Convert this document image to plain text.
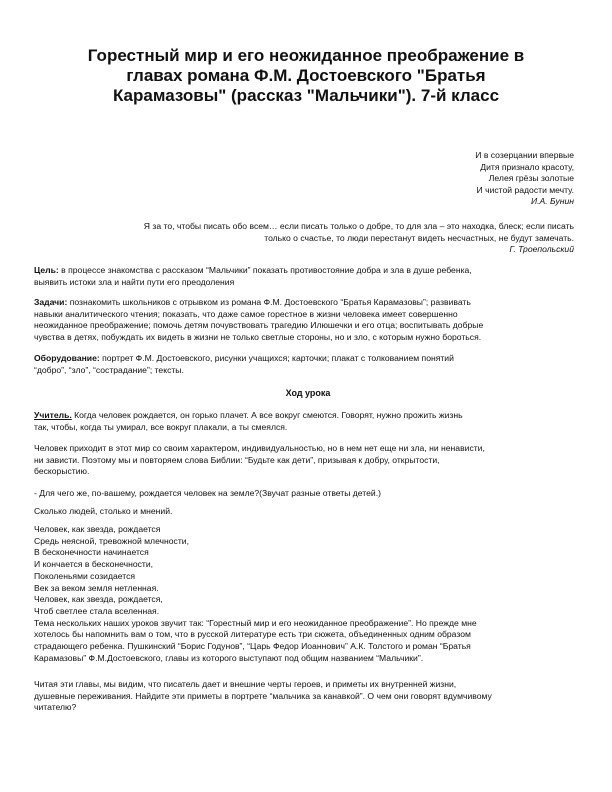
Горестный мир и его неожиданное преображение в
главах романа Ф.М. Достоевского "Братья
Карамазовы" (рассказ "Мальчики"). 7-й класс
И в созерцании впервые
Дитя признало красоту,
Лелея грёзы золотые
И чистой радости мечту.
И.А. Бунин
Я за то, чтобы писать обо всем… если писать только о добре, то для зла – это находка, блеск; если писать
только о счастье, то люди перестанут видеть несчастных, не будут замечать.
Г. Троепольский
Цель: в процессе знакомства с рассказом “Мальчики” показать противостояние добра и зла в душе ребенка,
выявить истоки зла и найти пути его преодоления
Задачи: познакомить школьников с отрывком из романа Ф.М. Достоевского “Братья Карамазовы”; развивать
навыки аналитического чтения; показать, что даже самое горестное в жизни человека имеет совершенно
неожиданное преображение; помочь детям почувствовать трагедию Илюшечки и его отца; воспитывать добрые
чувства в детях, побуждать их видеть в жизни не только светлые стороны, но и зло, с которым нужно бороться.
Оборудование: портрет Ф.М. Достоевского, рисунки учащихся; карточки; плакат с толкованием понятий
“добро”, “зло”, “сострадание”; тексты.
Ход урока
Учитель. Когда человек рождается, он горько плачет. А все вокруг смеются. Говорят, нужно прожить жизнь
так, чтобы, когда ты умирал, все вокруг плакали, а ты смеялся.
Человек приходит в этот мир со своим характером, индивидуальностью, но в нем нет еще ни зла, ни ненависти,
ни зависти. Поэтому мы и повторяем слова Библии: “Будьте как дети”, призывая к добру, открытости,
бескорыстию.
- Для чего же, по-вашему, рождается человек на земле?(Звучат разные ответы детей.)
Сколько людей, столько и мнений.
Человек, как звезда, рождается
Средь неясной, тревожной млечности,
В бесконечности начинается
И кончается в бесконечности,
Поколеньями созидается
Век за веком земля нетленная.
Человек, как звезда, рождается,
Чтоб светлее стала вселенная.
Тема нескольких наших уроков звучит так: “Горестный мир и его неожиданное преображение”. Но прежде мне
хотелось бы напомнить вам о том, что в русской литературе есть три сюжета, объединенных одним образом
страдающего ребенка. Пушкинский “Борис Годунов”, “Царь Федор Иоаннович” А.К. Толстого и роман “Братья
Карамазовы” Ф.М.Достоевского, главы из которого выступают под общим названием “Мальчики”.
Читая эти главы, мы видим, что писатель дает и внешние черты героев, и приметы их внутренней жизни,
душевные переживания. Найдите эти приметы в портрете “мальчика за канавкой”. О чем они говорят вдумчивому
читателю?
